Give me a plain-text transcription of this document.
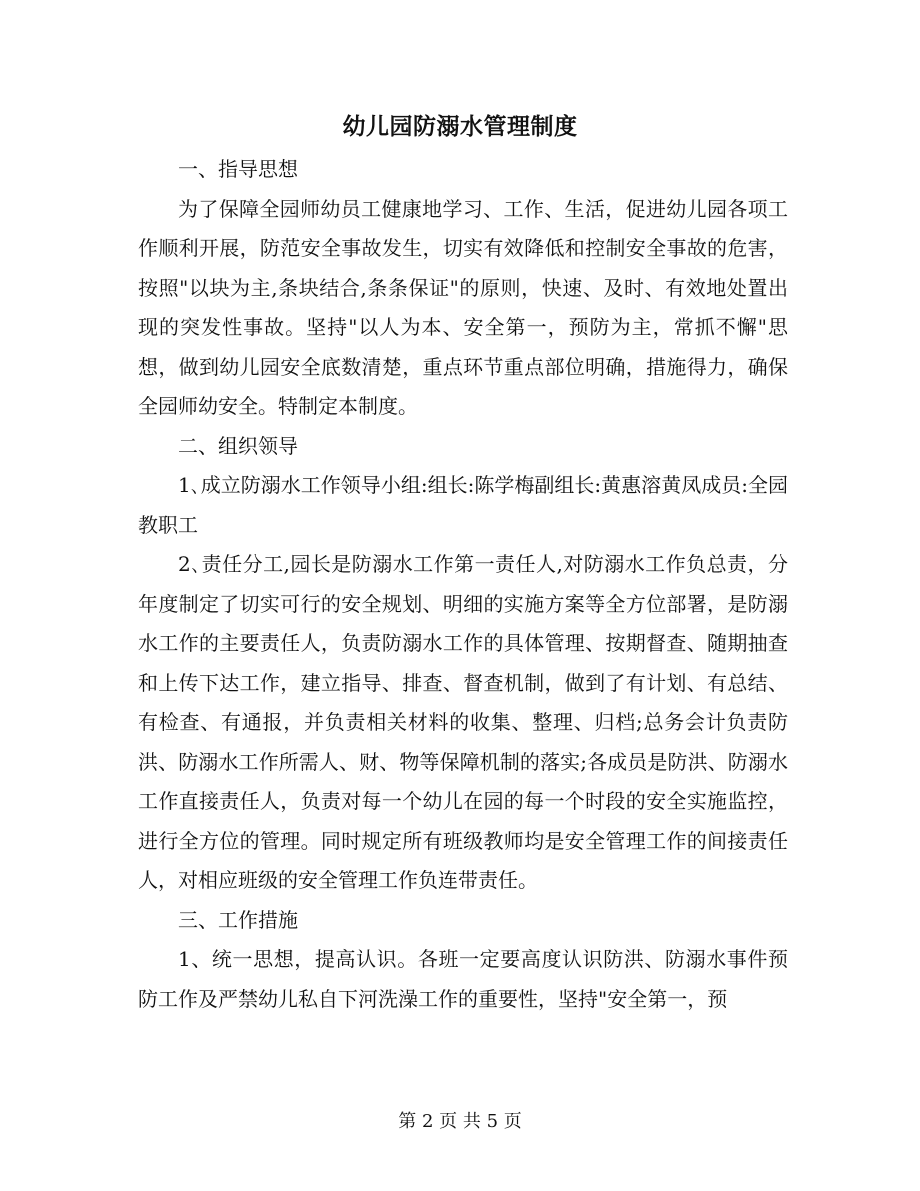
幼儿园防溺水管理制度

一、指导思想

为了保障全园师幼员工健康地学习、工作、生活，促进幼儿园各项工作顺利开展，防范安全事故发生，切实有效降低和控制安全事故的危害，按照"以块为主,条块结合,条条保证"的原则，快速、及时、有效地处置出现的突发性事故。坚持"以人为本、安全第一，预防为主，常抓不懈"思想，做到幼儿园安全底数清楚，重点环节重点部位明确，措施得力，确保全园师幼安全。特制定本制度。

二、组织领导

1､成立防溺水工作领导小组:组长:陈学梅副组长:黄惠溶黄凤成员:全园教职工

2､责任分工,园长是防溺水工作第一责任人,对防溺水工作负总责，分年度制定了切实可行的安全规划、明细的实施方案等全方位部署，是防溺水工作的主要责任人，负责防溺水工作的具体管理、按期督查、随期抽查和上传下达工作，建立指导、排查、督查机制，做到了有计划、有总结、有检查、有通报，并负责相关材料的收集、整理、归档;总务会计负责防洪、防溺水工作所需人、财、物等保障机制的落实;各成员是防洪、防溺水工作直接责任人，负责对每一个幼儿在园的每一个时段的安全实施监控，进行全方位的管理。同时规定所有班级教师均是安全管理工作的间接责任人，对相应班级的安全管理工作负连带责任。

三、工作措施

1、统一思想，提高认识。各班一定要高度认识防洪、防溺水事件预防工作及严禁幼儿私自下河洗澡工作的重要性，坚持"安全第一，预

第 2 页 共 5 页
